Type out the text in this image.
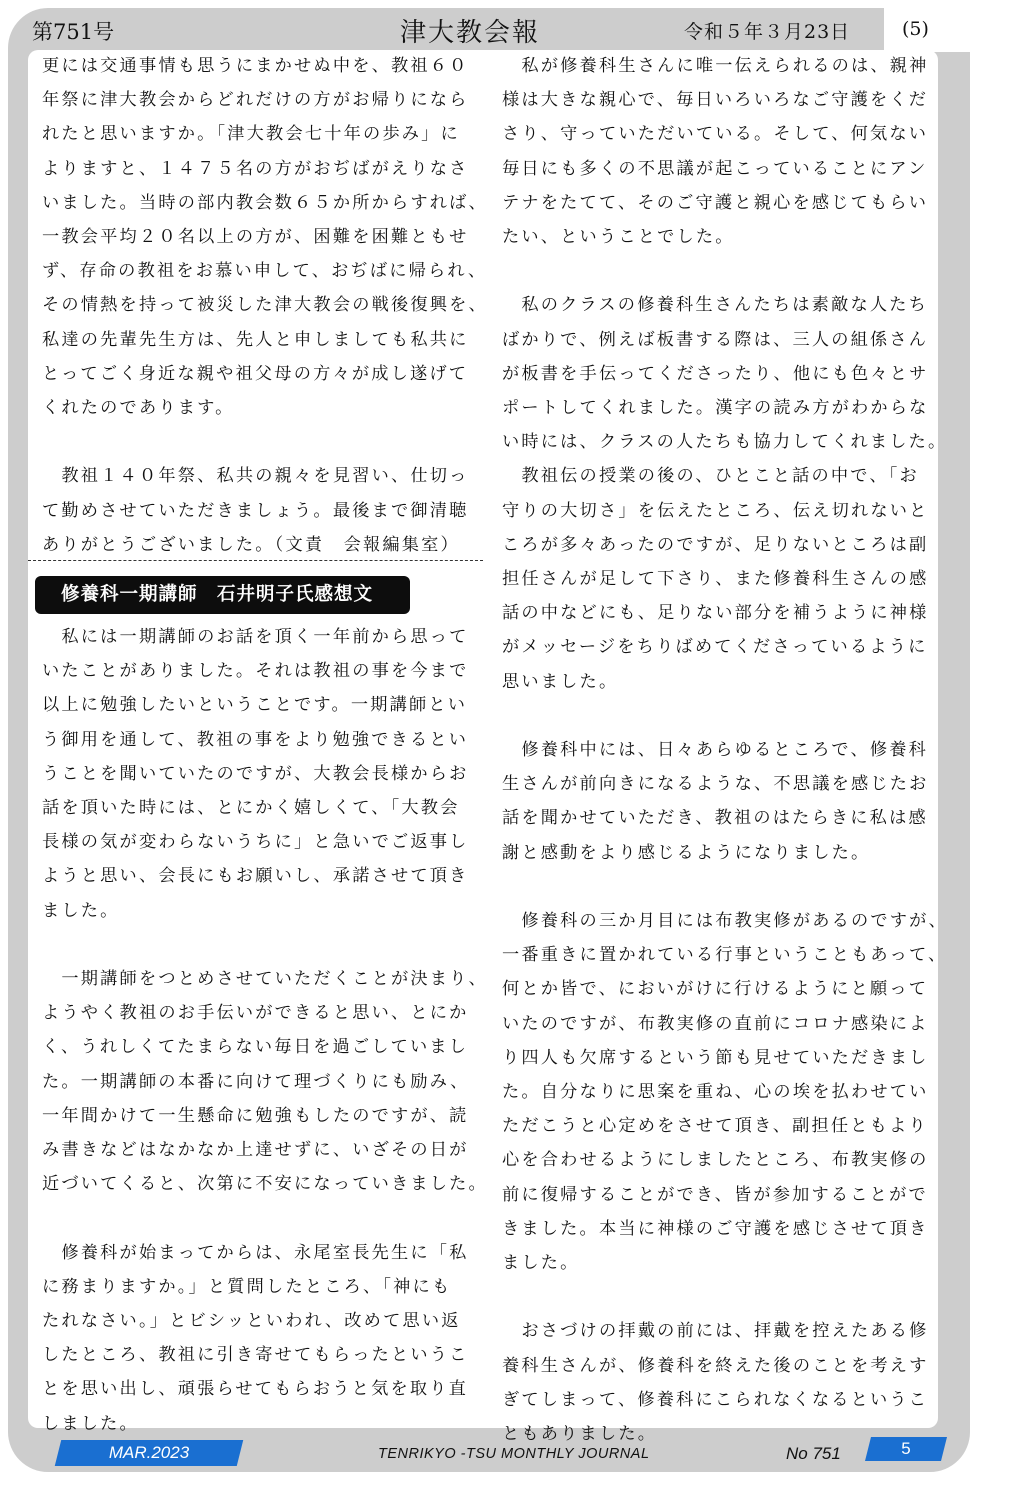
第751号	津大教会報	令和５年３月23日	(5)

更には交通事情も思うにまかせぬ中を、教祖６０

年祭に津大教会からどれだけの方がお帰りになら

れたと思いますか。「津大教会七十年の歩み」に

よりますと、１４７５名の方がおぢばがえりなさ

いました。当時の部内教会数６５か所からすれば、

一教会平均２０名以上の方が、困難を困難ともせ

ず、存命の教祖をお慕い申して、おぢばに帰られ、

その情熱を持って被災した津大教会の戦後復興を、

私達の先輩先生方は、先人と申しましても私共に

とってごく身近な親や祖父母の方々が成し遂げて

くれたのであります。

　教祖１４０年祭、私共の親々を見習い、仕切っ

て勤めさせていただきましょう。最後まで御清聴

ありがとうございました。（文責　会報編集室）

修養科一期講師　石井明子氏感想文

　私には一期講師のお話を頂く一年前から思って

いたことがありました。それは教祖の事を今まで

以上に勉強したいということです。一期講師とい

う御用を通して、教祖の事をより勉強できるとい

うことを聞いていたのですが、大教会長様からお

話を頂いた時には、とにかく嬉しくて、「大教会

長様の気が変わらないうちに」と急いでご返事し

ようと思い、会長にもお願いし、承諾させて頂き

ました。

　一期講師をつとめさせていただくことが決まり、

ようやく教祖のお手伝いができると思い、とにか

く、うれしくてたまらない毎日を過ごしていまし

た。一期講師の本番に向けて理づくりにも励み、

一年間かけて一生懸命に勉強もしたのですが、読

み書きなどはなかなか上達せずに、いざその日が

近づいてくると、次第に不安になっていきました。

　修養科が始まってからは、永尾室長先生に「私

に務まりますか。」と質問したところ、「神にも

たれなさい。」とビシッといわれ、改めて思い返

したところ、教祖に引き寄せてもらったというこ

とを思い出し、頑張らせてもらおうと気を取り直

しました。

　私が修養科生さんに唯一伝えられるのは、親神

様は大きな親心で、毎日いろいろなご守護をくだ

さり、守っていただいている。そして、何気ない

毎日にも多くの不思議が起こっていることにアン

テナをたてて、そのご守護と親心を感じてもらい

たい、ということでした。

　私のクラスの修養科生さんたちは素敵な人たち

ばかりで、例えば板書する際は、三人の組係さん

が板書を手伝ってくださったり、他にも色々とサ

ポートしてくれました。漢字の読み方がわからな

い時には、クラスの人たちも協力してくれました。

　教祖伝の授業の後の、ひとこと話の中で、「お

守りの大切さ」を伝えたところ、伝え切れないと

ころが多々あったのですが、足りないところは副

担任さんが足して下さり、また修養科生さんの感

話の中などにも、足りない部分を補うように神様

がメッセージをちりばめてくださっているように

思いました。

　修養科中には、日々あらゆるところで、修養科

生さんが前向きになるような、不思議を感じたお

話を聞かせていただき、教祖のはたらきに私は感

謝と感動をより感じるようになりました。

　修養科の三か月目には布教実修があるのですが、

一番重きに置かれている行事ということもあって、

何とか皆で、においがけに行けるようにと願って

いたのですが、布教実修の直前にコロナ感染によ

り四人も欠席するという節も見せていただきまし

た。自分なりに思案を重ね、心の埃を払わせてい

ただこうと心定めをさせて頂き、副担任ともより

心を合わせるようにしましたところ、布教実修の

前に復帰することができ、皆が参加することがで

きました。本当に神様のご守護を感じさせて頂き

ました。

　おさづけの拝戴の前には、拝戴を控えたある修

養科生さんが、修養科を終えた後のことを考えす

ぎてしまって、修養科にこられなくなるというこ

ともありました。

MAR.2023	TENRIKYO -TSU MONTHLY JOURNAL	No 751	5
